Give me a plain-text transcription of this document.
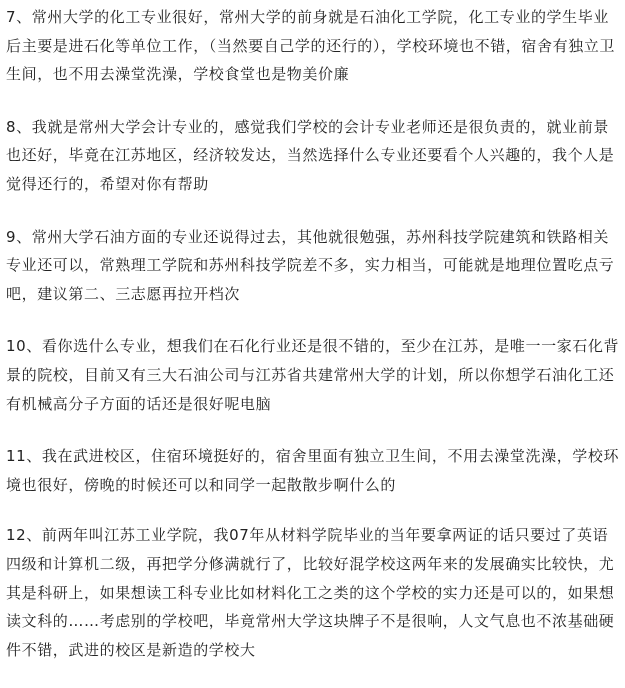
7、常州大学的化工专业很好，常州大学的前身就是石油化工学院，化工专业的学生毕业后主要是进石化等单位工作，（当然要自己学的还行的），学校环境也不错，宿舍有独立卫生间，也不用去澡堂洗澡，学校食堂也是物美价廉

8、我就是常州大学会计专业的，感觉我们学校的会计专业老师还是很负责的，就业前景也还好，毕竟在江苏地区，经济较发达，当然选择什么专业还要看个人兴趣的，我个人是觉得还行的，希望对你有帮助

9、常州大学石油方面的专业还说得过去，其他就很勉强，苏州科技学院建筑和铁路相关专业还可以，常熟理工学院和苏州科技学院差不多，实力相当，可能就是地理位置吃点亏吧，建议第二、三志愿再拉开档次

10、看你选什么专业，想我们在石化行业还是很不错的，至少在江苏，是唯一一家石化背景的院校，目前又有三大石油公司与江苏省共建常州大学的计划，所以你想学石油化工还有机械高分子方面的话还是很好呢电脑

11、我在武进校区，住宿环境挺好的，宿舍里面有独立卫生间，不用去澡堂洗澡，学校环境也很好，傍晚的时候还可以和同学一起散散步啊什么的

12、前两年叫江苏工业学院，我07年从材料学院毕业的当年要拿两证的话只要过了英语四级和计算机二级，再把学分修满就行了，比较好混学校这两年来的发展确实比较快，尤其是科研上，如果想读工科专业比如材料化工之类的这个学校的实力还是可以的，如果想读文科的……考虑别的学校吧，毕竟常州大学这块牌子不是很响，人文气息也不浓基础硬件不错，武进的校区是新造的学校大
